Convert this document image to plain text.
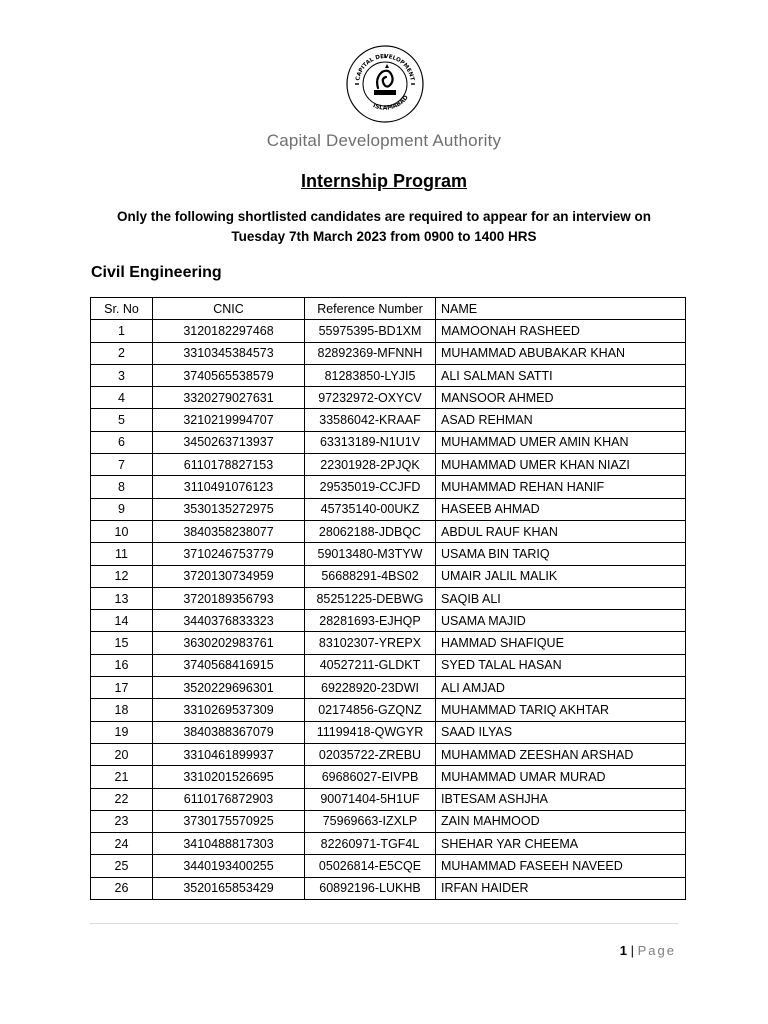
CAPITAL DEVELOPMENT
ISLAMABAD
Capital Development Authority
Internship Program
Only the following shortlisted candidates are required to appear for an interview on Tuesday 7th March 2023 from 0900 to 1400 HRS
Civil Engineering
Sr. No	CNIC	Reference Number	NAME
1	3120182297468	55975395-BD1XM	MAMOONAH RASHEED
2	3310345384573	82892369-MFNNH	MUHAMMAD ABUBAKAR KHAN
3	3740565538579	81283850-LYJI5	ALI SALMAN SATTI
4	3320279027631	97232972-OXYCV	MANSOOR AHMED
5	3210219994707	33586042-KRAAF	ASAD REHMAN
6	3450263713937	63313189-N1U1V	MUHAMMAD UMER AMIN KHAN
7	6110178827153	22301928-2PJQK	MUHAMMAD UMER KHAN NIAZI
8	3110491076123	29535019-CCJFD	MUHAMMAD REHAN HANIF
9	3530135272975	45735140-00UKZ	HASEEB AHMAD
10	3840358238077	28062188-JDBQC	ABDUL RAUF KHAN
11	3710246753779	59013480-M3TYW	USAMA BIN TARIQ
12	3720130734959	56688291-4BS02	UMAIR JALIL MALIK
13	3720189356793	85251225-DEBWG	SAQIB ALI
14	3440376833323	28281693-EJHQP	USAMA MAJID
15	3630202983761	83102307-YREPX	HAMMAD SHAFIQUE
16	3740568416915	40527211-GLDKT	SYED TALAL HASAN
17	3520229696301	69228920-23DWI	ALI AMJAD
18	3310269537309	02174856-GZQNZ	MUHAMMAD TARIQ AKHTAR
19	3840388367079	11199418-QWGYR	SAAD ILYAS
20	3310461899937	02035722-ZREBU	MUHAMMAD ZEESHAN ARSHAD
21	3310201526695	69686027-EIVPB	MUHAMMAD UMAR MURAD
22	6110176872903	90071404-5H1UF	IBTESAM ASHJHA
23	3730175570925	75969663-IZXLP	ZAIN MAHMOOD
24	3410488817303	82260971-TGF4L	SHEHAR YAR CHEEMA
25	3440193400255	05026814-E5CQE	MUHAMMAD FASEEH NAVEED
26	3520165853429	60892196-LUKHB	IRFAN HAIDER
1 | Page
